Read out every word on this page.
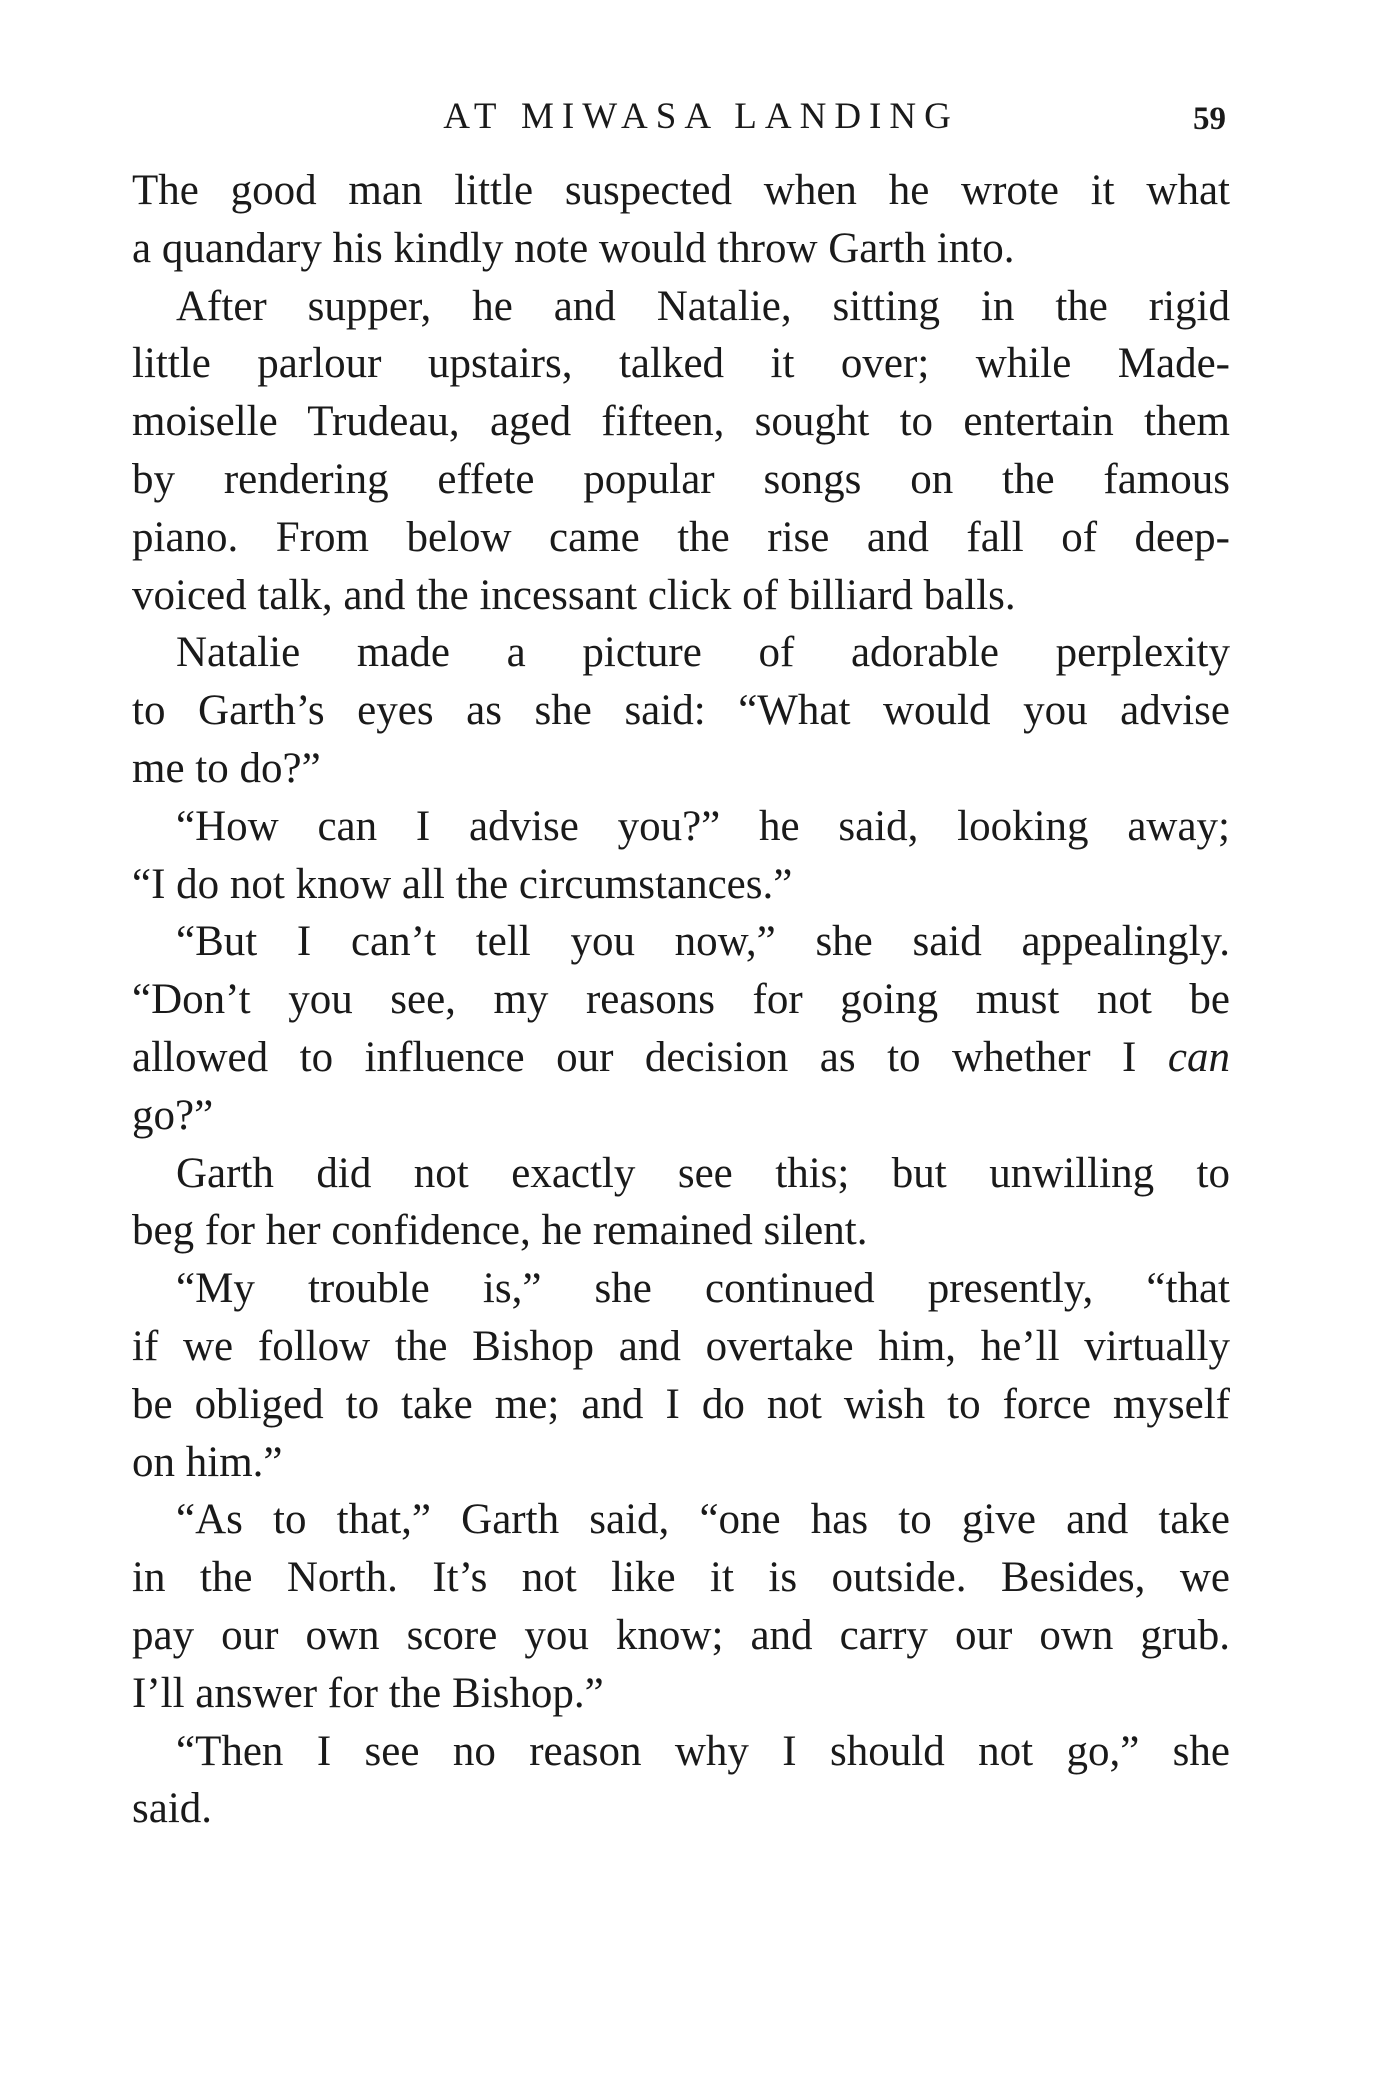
AT MIWASA LANDING	59

The good man little suspected when he wrote it what
a quandary his kindly note would throw Garth into.

After supper, he and Natalie, sitting in the rigid
little parlour upstairs, talked it over; while Made-
moiselle Trudeau, aged fifteen, sought to entertain them
by rendering effete popular songs on the famous
piano. From below came the rise and fall of deep-
voiced talk, and the incessant click of billiard balls.

Natalie made a picture of adorable perplexity
to Garth’s eyes as she said: “What would you advise
me to do?”

“How can I advise you?” he said, looking away;
“I do not know all the circumstances.”

“But I can’t tell you now,” she said appealingly.
“Don’t you see, my reasons for going must not be
allowed to influence our decision as to whether I can
go?”

Garth did not exactly see this; but unwilling to
beg for her confidence, he remained silent.

“My trouble is,” she continued presently, “that
if we follow the Bishop and overtake him, he’ll virtually
be obliged to take me; and I do not wish to force myself
on him.”

“As to that,” Garth said, “one has to give and take
in the North. It’s not like it is outside. Besides, we
pay our own score you know; and carry our own grub.
I’ll answer for the Bishop.”

“Then I see no reason why I should not go,” she
said.
